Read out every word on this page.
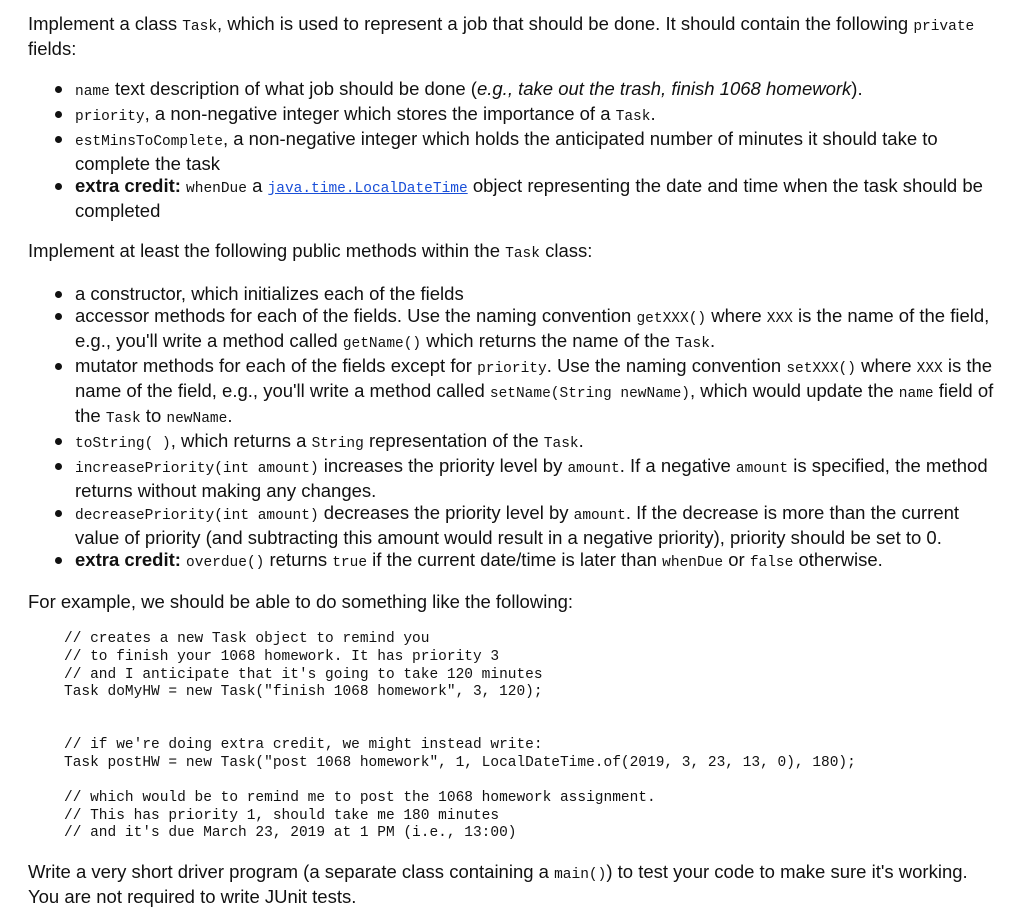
Implement a class Task, which is used to represent a job that should be done. It should contain the following private fields:

name text description of what job should be done (e.g., take out the trash, finish 1068 homework).
priority, a non-negative integer which stores the importance of a Task.
estMinsToComplete, a non-negative integer which holds the anticipated number of minutes it should take to complete the task
extra credit: whenDue a java.time.LocalDateTime object representing the date and time when the task should be completed

Implement at least the following public methods within the Task class:

a constructor, which initializes each of the fields
accessor methods for each of the fields. Use the naming convention getXXX() where XXX is the name of the field, e.g., you'll write a method called getName() which returns the name of the Task.
mutator methods for each of the fields except for priority. Use the naming convention setXXX() where XXX is the name of the field, e.g., you'll write a method called setName(String newName), which would update the name field of the Task to newName.
toString( ), which returns a String representation of the Task.
increasePriority(int amount) increases the priority level by amount. If a negative amount is specified, the method returns without making any changes.
decreasePriority(int amount) decreases the priority level by amount. If the decrease is more than the current value of priority (and subtracting this amount would result in a negative priority), priority should be set to 0.
extra credit: overdue() returns true if the current date/time is later than whenDue or false otherwise.

For example, we should be able to do something like the following:

// creates a new Task object to remind you
// to finish your 1068 homework. It has priority 3
// and I anticipate that it's going to take 120 minutes
Task doMyHW = new Task("finish 1068 homework", 3, 120);
// if we're doing extra credit, we might instead write:
Task postHW = new Task("post 1068 homework", 1, LocalDateTime.of(2019, 3, 23, 13, 0), 180);
// which would be to remind me to post the 1068 homework assignment.
// This has priority 1, should take me 180 minutes
// and it's due March 23, 2019 at 1 PM (i.e., 13:00)

Write a very short driver program (a separate class containing a main()) to test your code to make sure it's working. You are not required to write JUnit tests.
